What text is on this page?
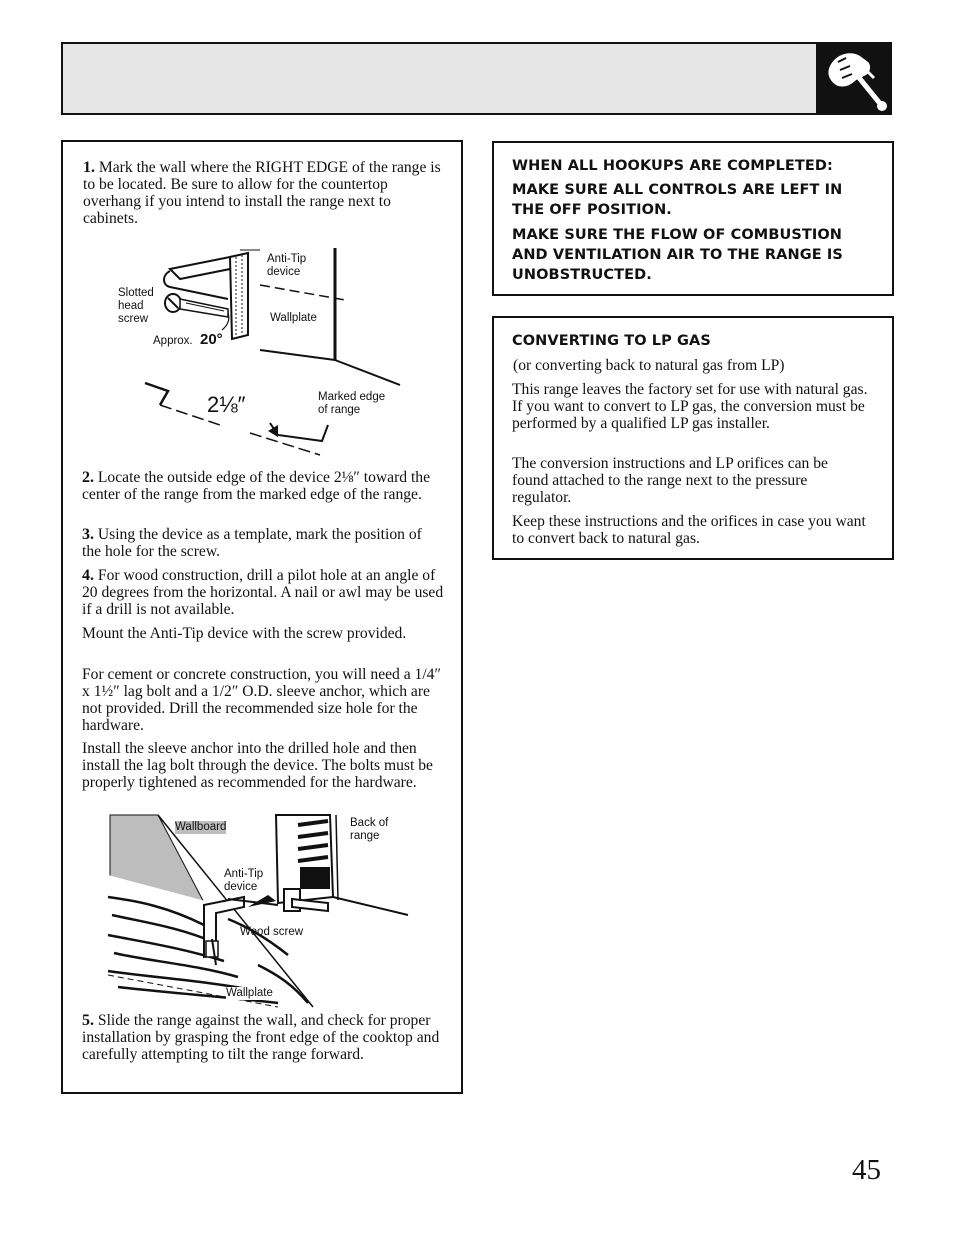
1. Mark the wall where the RIGHT EDGE of the range is to be located. Be sure to allow for the countertop overhang if you intend to install the range next to cabinets.

Anti-Tip
device

Slotted
head
screw	Wallplate

Approx. 20°

2⅛″	Marked edge
of range

2. Locate the outside edge of the device 2⅛″ toward the center of the range from the marked edge of the range.

3. Using the device as a template, mark the position of the hole for the screw.

4. For wood construction, drill a pilot hole at an angle of 20 degrees from the horizontal. A nail or awl may be used if a drill is not available.

Mount the Anti-Tip device with the screw provided.

For cement or concrete construction, you will need a 1/4″ x 1½″ lag bolt and a 1/2″ O.D. sleeve anchor, which are not provided. Drill the recommended size hole for the hardware.

Install the sleeve anchor into the drilled hole and then install the lag bolt through the device. The bolts must be properly tightened as recommended for the hardware.

Wallboard	Back of
range

Anti-Tip
device

Wood screw

Wallplate

5. Slide the range against the wall, and check for proper installation by grasping the front edge of the cooktop and carefully attempting to tilt the range forward.

WHEN ALL HOOKUPS ARE COMPLETED:

MAKE SURE ALL CONTROLS ARE LEFT IN THE OFF POSITION.

MAKE SURE THE FLOW OF COMBUSTION AND VENTILATION AIR TO THE RANGE IS UNOBSTRUCTED.

CONVERTING TO LP GAS

(or converting back to natural gas from LP)

This range leaves the factory set for use with natural gas. If you want to convert to LP gas, the conversion must be performed by a qualified LP gas installer.

The conversion instructions and LP orifices can be found attached to the range next to the pressure regulator.

Keep these instructions and the orifices in case you want to convert back to natural gas.

45
